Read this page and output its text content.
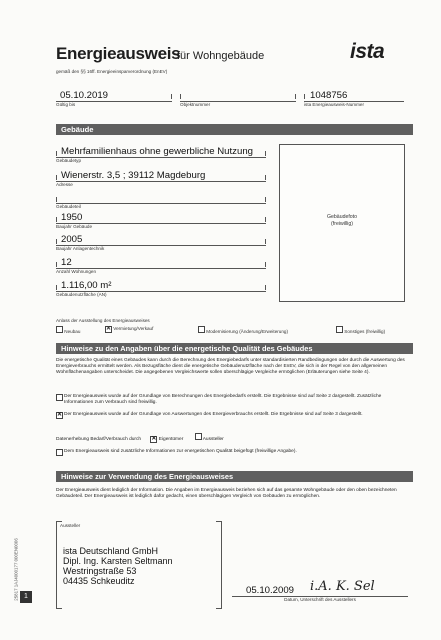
Energieausweis
für Wohngebäude	ista
gemäß den §§ 16ff. Energieeinsparverordnung (EnEV)
05.10.2019
Gültig bis
	Objektnummer
1048756
ista Energieausweis-Nummer
Gebäude
Mehrfamilienhaus ohne gewerbliche Nutzung
Gebäudetyp
Wienerstr. 3,5 ; 39112 Magdeburg
Adresse

Gebäudeteil
1950
Baujahr Gebäude
2005
Baujahr Anlagentechnik
12
Anzahl Wohnungen
1.116,00 m²
Gebäudenutzfläche (AN)
Gebäudefoto
(freiwillig)
Anlass der Ausstellung des Energieausweises
Neubau	✕ Vermietung/Verkauf
Modernisierung (Änderung/Erweiterung)	Sonstiges (freiwillig)
Hinweise zu den Angaben über die energetische Qualität des Gebäudes
Die energetische Qualität eines Gebäudes kann durch die Berechnung des Energiebedarfs unter standardisierten Randbedingungen oder durch die Auswertung des Energieverbrauchs ermittelt werden. Als Bezugsfläche dient die energetische Gebäudenutzfläche nach der EnEV, die sich in der Regel von den allgemeinen Wohnflächenangaben unterscheidet. Die angegebenen Vergleichswerte sollen überschlägige Vergleiche ermöglichen (Erläuterungen siehe Seite 4).
Der Energieausweis wurde auf der Grundlage von Berechnungen des Energiebedarfs erstellt. Die Ergebnisse sind auf Seite 2 dargestellt. Zusätzliche Informationen zum Verbrauch sind freiwillig.
✕ Der Energieausweis wurde auf der Grundlage von Auswertungen des Energieverbrauchs erstellt. Die Ergebnisse sind auf Seite 3 dargestellt.
Datenerhebung Bedarf/Verbrauch durch ✕ Eigentümer	Aussteller
Dem Energieausweis sind zusätzliche Informationen zur energetischen Qualität beigefügt (freiwillige Angabe).
Hinweise zur Verwendung des Energieausweises
Der Energieausweis dient lediglich der Information. Die Angaben im Energieausweis beziehen sich auf das gesamte Wohngebäude oder den oben bezeichneten Gebäudeteil. Der Energieausweis ist lediglich dafür gedacht, einen überschlägigen Vergleich von Gebäuden zu ermöglichen.
Aussteller
ista Deutschland GmbH
Dipl. Ing. Karsten Seltmann
Westringstraße 53
04435 Schkeuditz
05.10.2009 i.A. K. Sel
Datum, Unterschrift des Ausstellers
25817 1AJ4000177 000EN0006 1
